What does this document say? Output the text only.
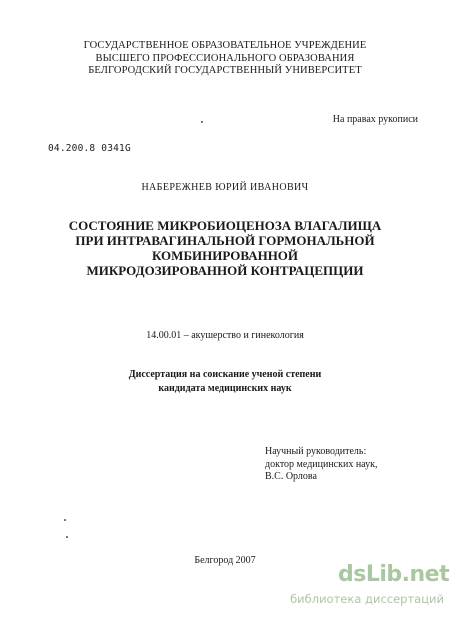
ГОСУДАРСТВЕННОЕ ОБРАЗОВАТЕЛЬНОЕ УЧРЕЖДЕНИЕ
ВЫСШЕГО ПРОФЕССИОНАЛЬНОГО ОБРАЗОВАНИЯ
БЕЛГОРОДСКИЙ ГОСУДАРСТВЕННЫЙ УНИВЕРСИТЕТ
На правах рукописи
04.200.8 0341G
НАБЕРЕЖНЕВ ЮРИЙ ИВАНОВИЧ
СОСТОЯНИЕ МИКРОБИОЦЕНОЗА ВЛАГАЛИЩА
ПРИ ИНТРАВАГИНАЛЬНОЙ ГОРМОНАЛЬНОЙ
КОМБИНИРОВАННОЙ
МИКРОДОЗИРОВАННОЙ КОНТРАЦЕПЦИИ
14.00.01 – акушерство и гинекология
Диссертация на соискание ученой степени
кандидата медицинских наук
Научный руководитель:
доктор медицинских наук,
В.С. Орлова
Белгород 2007
dsLib.net
библиотека диссертаций
